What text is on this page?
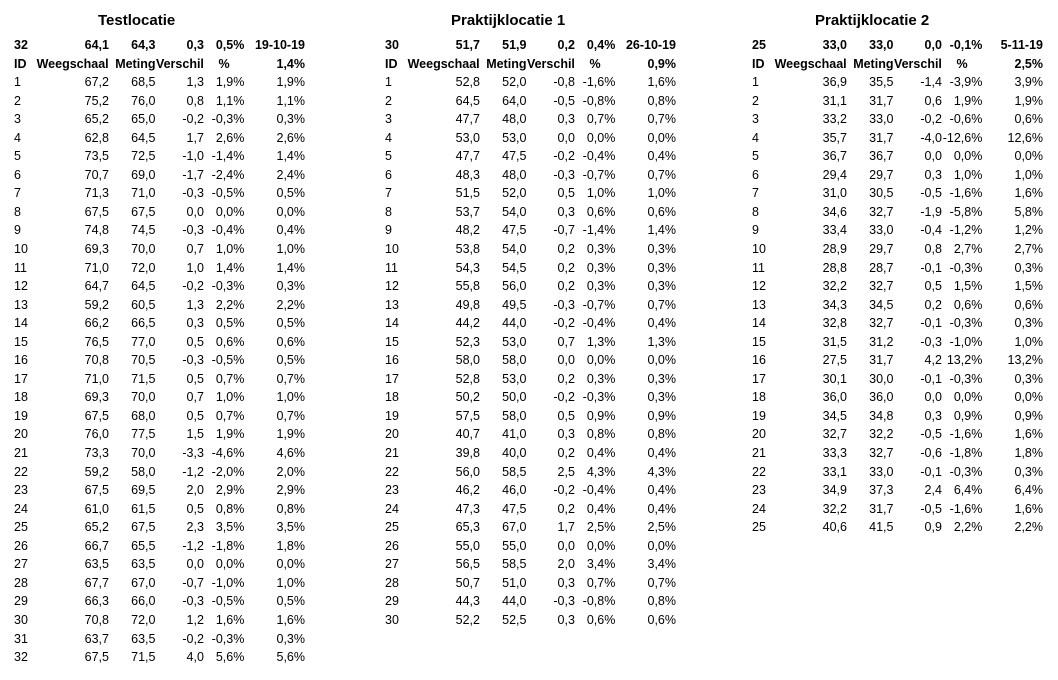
Testlocatie
32	64,1	64,3	0,3	0,5%	19-10-19
ID	Weegschaal	Meting	Verschil	%	1,4%
1	67,2	68,5	1,3	1,9%	1,9%
2	75,2	76,0	0,8	1,1%	1,1%
3	65,2	65,0	-0,2	-0,3%	0,3%
4	62,8	64,5	1,7	2,6%	2,6%
5	73,5	72,5	-1,0	-1,4%	1,4%
6	70,7	69,0	-1,7	-2,4%	2,4%
7	71,3	71,0	-0,3	-0,5%	0,5%
8	67,5	67,5	0,0	0,0%	0,0%
9	74,8	74,5	-0,3	-0,4%	0,4%
10	69,3	70,0	0,7	1,0%	1,0%
11	71,0	72,0	1,0	1,4%	1,4%
12	64,7	64,5	-0,2	-0,3%	0,3%
13	59,2	60,5	1,3	2,2%	2,2%
14	66,2	66,5	0,3	0,5%	0,5%
15	76,5	77,0	0,5	0,6%	0,6%
16	70,8	70,5	-0,3	-0,5%	0,5%
17	71,0	71,5	0,5	0,7%	0,7%
18	69,3	70,0	0,7	1,0%	1,0%
19	67,5	68,0	0,5	0,7%	0,7%
20	76,0	77,5	1,5	1,9%	1,9%
21	73,3	70,0	-3,3	-4,6%	4,6%
22	59,2	58,0	-1,2	-2,0%	2,0%
23	67,5	69,5	2,0	2,9%	2,9%
24	61,0	61,5	0,5	0,8%	0,8%
25	65,2	67,5	2,3	3,5%	3,5%
26	66,7	65,5	-1,2	-1,8%	1,8%
27	63,5	63,5	0,0	0,0%	0,0%
28	67,7	67,0	-0,7	-1,0%	1,0%
29	66,3	66,0	-0,3	-0,5%	0,5%
30	70,8	72,0	1,2	1,6%	1,6%
31	63,7	63,5	-0,2	-0,3%	0,3%
32	67,5	71,5	4,0	5,6%	5,6%
Praktijklocatie 1
30	51,7	51,9	0,2	0,4%	26-10-19
ID	Weegschaal	Meting	Verschil	%	0,9%
1	52,8	52,0	-0,8	-1,6%	1,6%
2	64,5	64,0	-0,5	-0,8%	0,8%
3	47,7	48,0	0,3	0,7%	0,7%
4	53,0	53,0	0,0	0,0%	0,0%
5	47,7	47,5	-0,2	-0,4%	0,4%
6	48,3	48,0	-0,3	-0,7%	0,7%
7	51,5	52,0	0,5	1,0%	1,0%
8	53,7	54,0	0,3	0,6%	0,6%
9	48,2	47,5	-0,7	-1,4%	1,4%
10	53,8	54,0	0,2	0,3%	0,3%
11	54,3	54,5	0,2	0,3%	0,3%
12	55,8	56,0	0,2	0,3%	0,3%
13	49,8	49,5	-0,3	-0,7%	0,7%
14	44,2	44,0	-0,2	-0,4%	0,4%
15	52,3	53,0	0,7	1,3%	1,3%
16	58,0	58,0	0,0	0,0%	0,0%
17	52,8	53,0	0,2	0,3%	0,3%
18	50,2	50,0	-0,2	-0,3%	0,3%
19	57,5	58,0	0,5	0,9%	0,9%
20	40,7	41,0	0,3	0,8%	0,8%
21	39,8	40,0	0,2	0,4%	0,4%
22	56,0	58,5	2,5	4,3%	4,3%
23	46,2	46,0	-0,2	-0,4%	0,4%
24	47,3	47,5	0,2	0,4%	0,4%
25	65,3	67,0	1,7	2,5%	2,5%
26	55,0	55,0	0,0	0,0%	0,0%
27	56,5	58,5	2,0	3,4%	3,4%
28	50,7	51,0	0,3	0,7%	0,7%
29	44,3	44,0	-0,3	-0,8%	0,8%
30	52,2	52,5	0,3	0,6%	0,6%
Praktijklocatie 2
25	33,0	33,0	0,0	-0,1%	5-11-19
ID	Weegschaal	Meting	Verschil	%	2,5%
1	36,9	35,5	-1,4	-3,9%	3,9%
2	31,1	31,7	0,6	1,9%	1,9%
3	33,2	33,0	-0,2	-0,6%	0,6%
4	35,7	31,7	-4,0	-12,6%	12,6%
5	36,7	36,7	0,0	0,0%	0,0%
6	29,4	29,7	0,3	1,0%	1,0%
7	31,0	30,5	-0,5	-1,6%	1,6%
8	34,6	32,7	-1,9	-5,8%	5,8%
9	33,4	33,0	-0,4	-1,2%	1,2%
10	28,9	29,7	0,8	2,7%	2,7%
11	28,8	28,7	-0,1	-0,3%	0,3%
12	32,2	32,7	0,5	1,5%	1,5%
13	34,3	34,5	0,2	0,6%	0,6%
14	32,8	32,7	-0,1	-0,3%	0,3%
15	31,5	31,2	-0,3	-1,0%	1,0%
16	27,5	31,7	4,2	13,2%	13,2%
17	30,1	30,0	-0,1	-0,3%	0,3%
18	36,0	36,0	0,0	0,0%	0,0%
19	34,5	34,8	0,3	0,9%	0,9%
20	32,7	32,2	-0,5	-1,6%	1,6%
21	33,3	32,7	-0,6	-1,8%	1,8%
22	33,1	33,0	-0,1	-0,3%	0,3%
23	34,9	37,3	2,4	6,4%	6,4%
24	32,2	31,7	-0,5	-1,6%	1,6%
25	40,6	41,5	0,9	2,2%	2,2%
